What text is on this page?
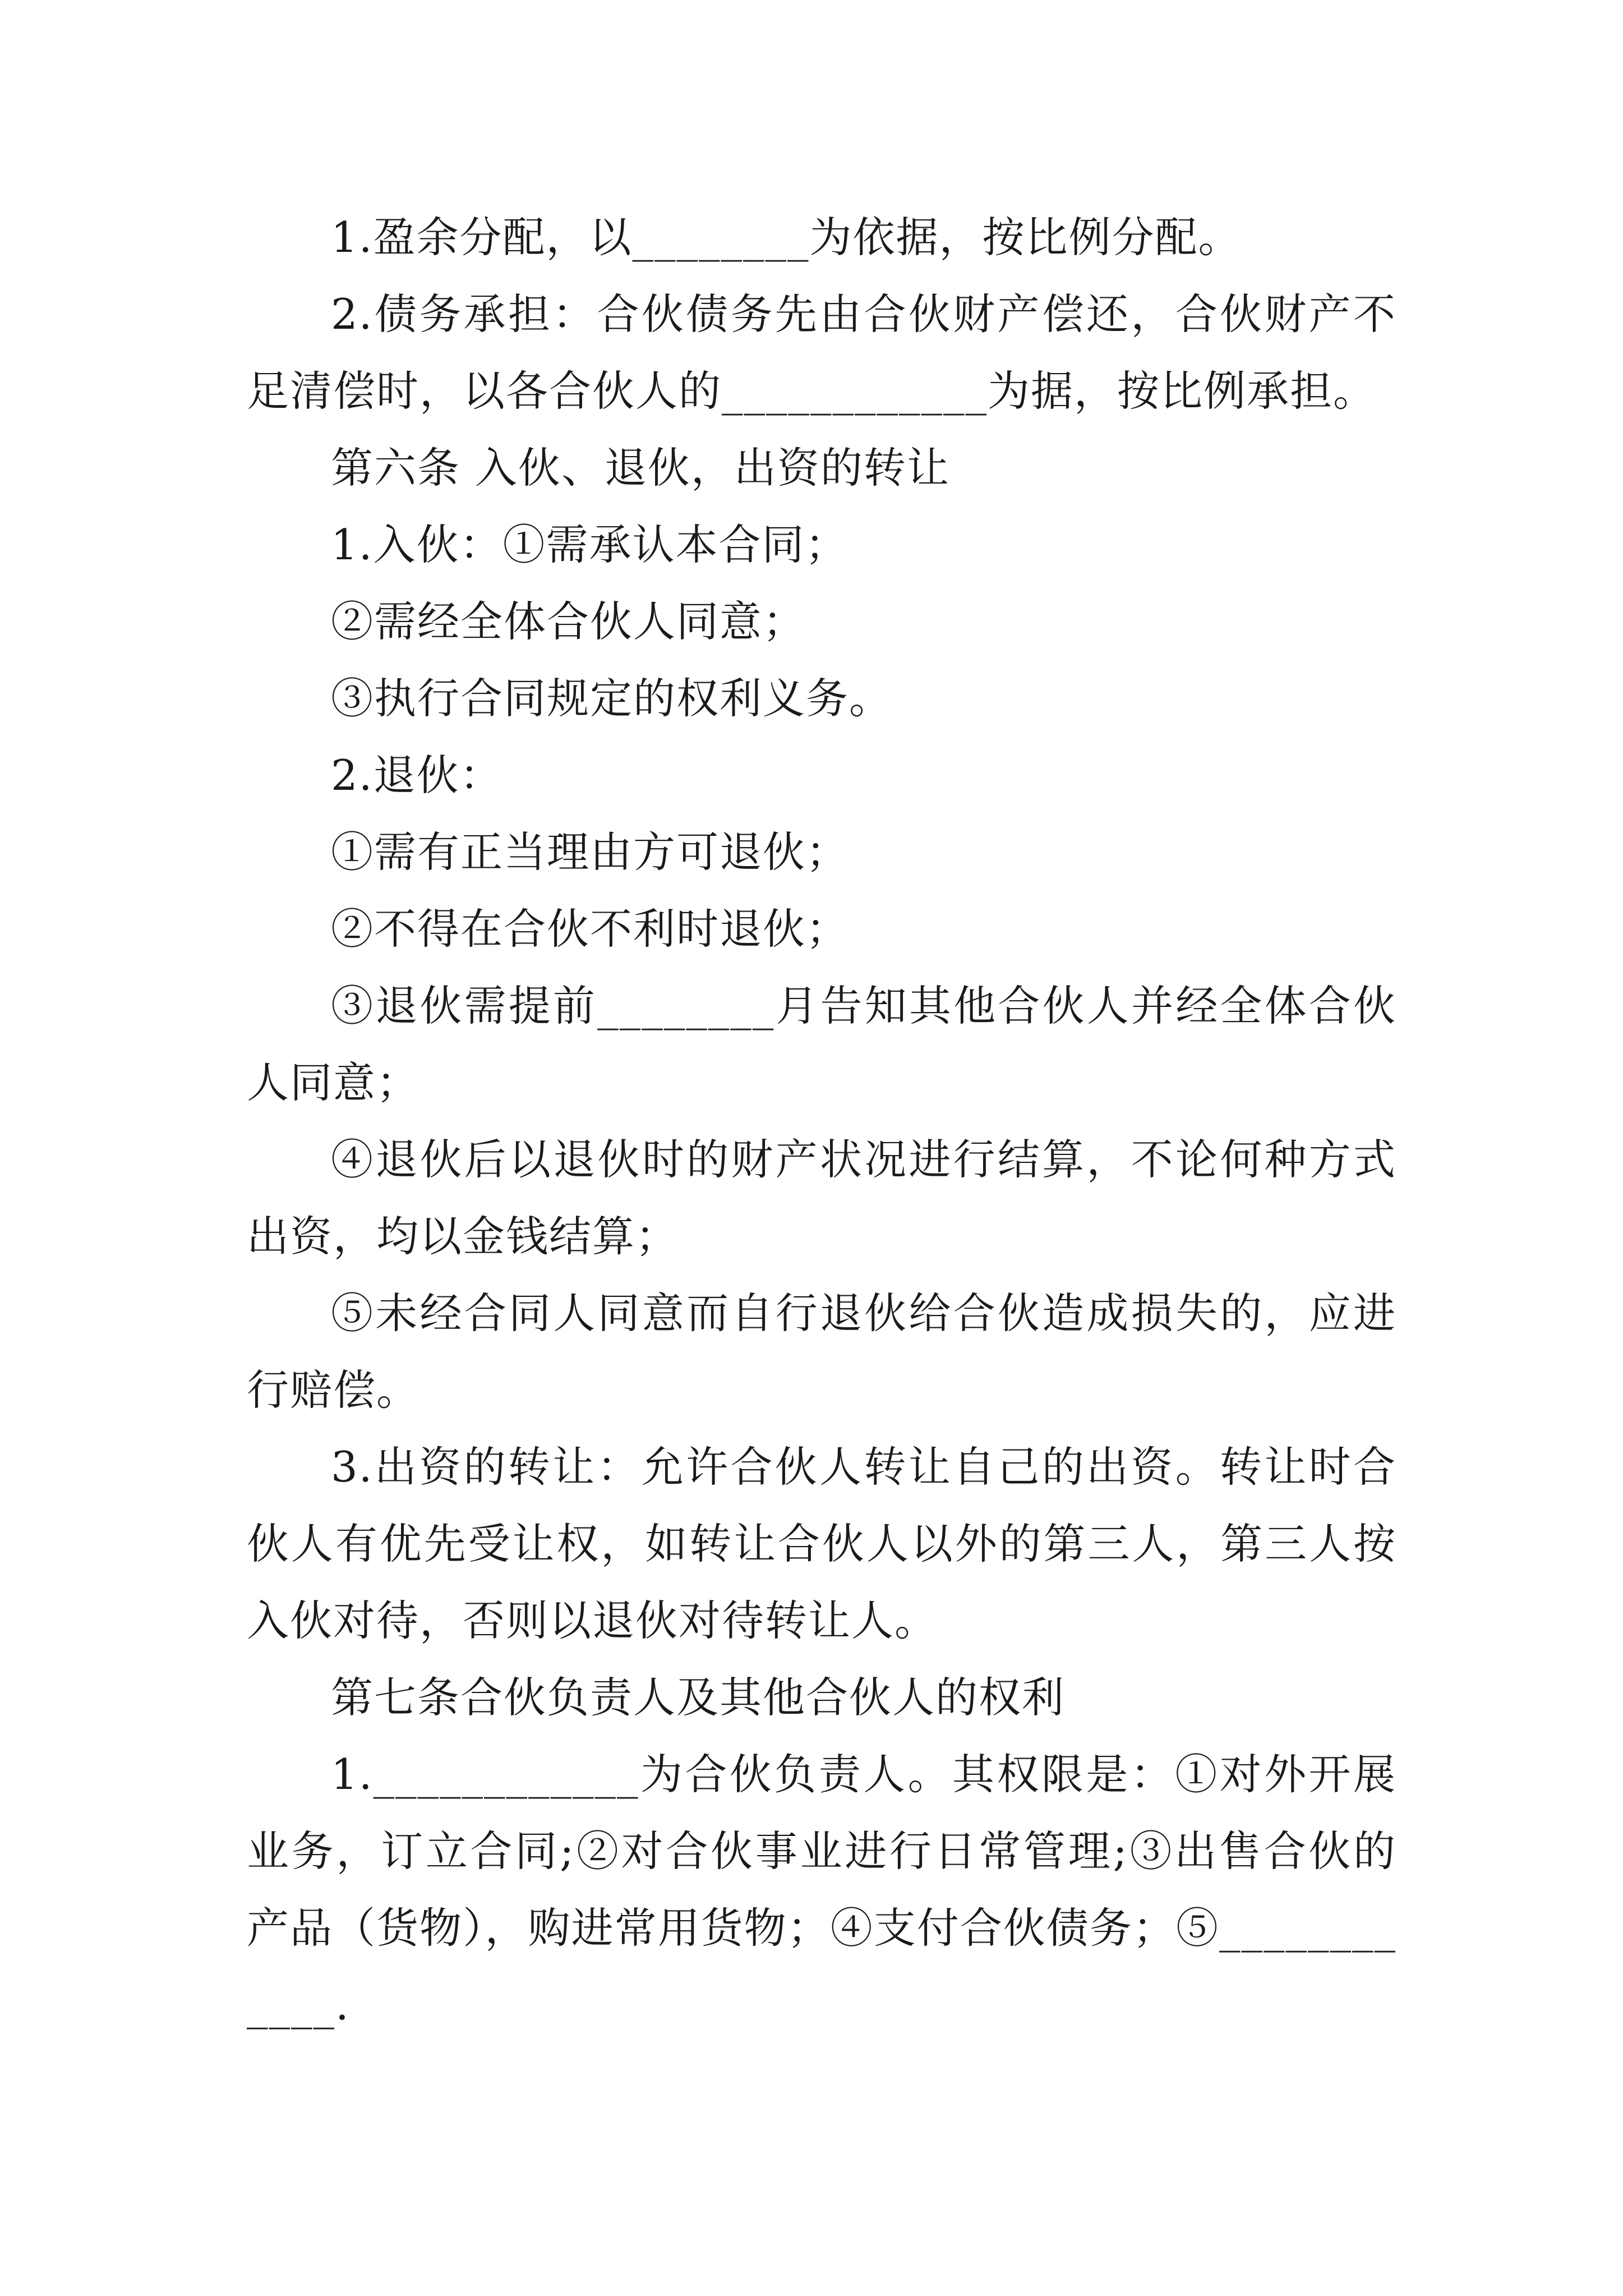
1.盈余分配，以________为依据，按比例分配。

2.债务承担：合伙债务先由合伙财产偿还，合伙财产不足清偿时，以各合伙人的____________为据，按比例承担。

第六条 入伙、退伙，出资的转让

1.入伙：①需承认本合同；

②需经全体合伙人同意；

③执行合同规定的权利义务。

2.退伙：

①需有正当理由方可退伙；

②不得在合伙不利时退伙；

③退伙需提前________月告知其他合伙人并经全体合伙人同意；

④退伙后以退伙时的财产状况进行结算，不论何种方式出资，均以金钱结算；

⑤未经合同人同意而自行退伙给合伙造成损失的，应进行赔偿。

3.出资的转让：允许合伙人转让自己的出资。转让时合伙人有优先受让权，如转让合伙人以外的第三人，第三人按入伙对待，否则以退伙对待转让人。

第七条合伙负责人及其他合伙人的权利

1.____________为合伙负责人。其权限是：①对外开展业务，订立合同;②对合伙事业进行日常管理;③出售合伙的产品（货物），购进常用货物；④支付合伙债务；⑤____________.
